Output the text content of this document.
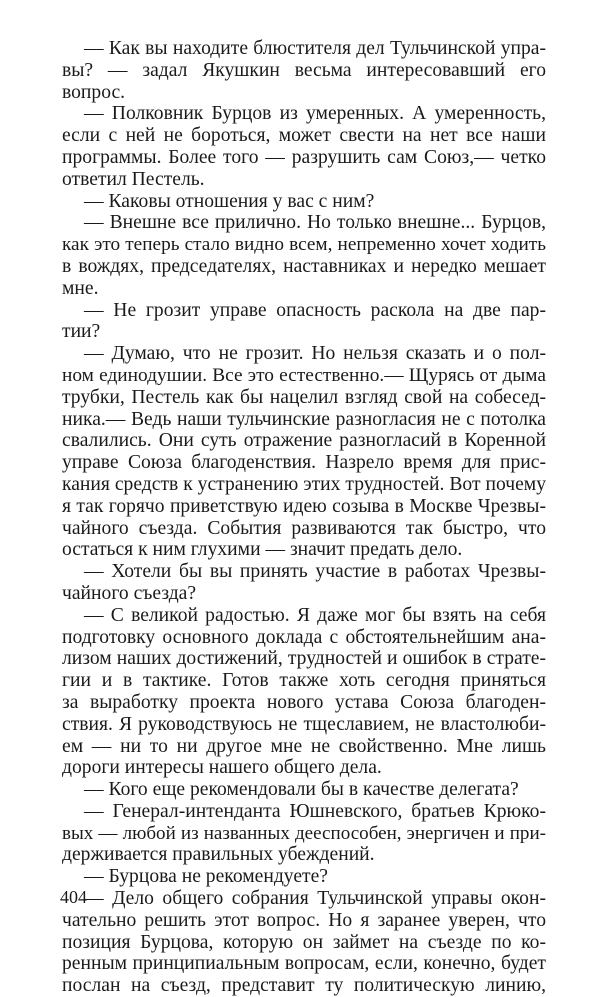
— Как вы находите блюстителя дел Тульчинской упра-
вы? — задал Якушкин весьма интересовавший его
вопрос.
— Полковник Бурцов из умеренных. А умеренность,
если с ней не бороться, может свести на нет все наши
программы. Более того — разрушить сам Союз,— четко
ответил Пестель.
— Каковы отношения у вас с ним?
— Внешне все прилично. Но только внешне... Бурцов,
как это теперь стало видно всем, непременно хочет ходить
в вождях, председателях, наставниках и нередко мешает
мне.
— Не грозит управе опасность раскола на две пар-
тии?
— Думаю, что не грозит. Но нельзя сказать и о пол-
ном единодушии. Все это естественно.— Щурясь от дыма
трубки, Пестель как бы нацелил взгляд свой на собесед-
ника.— Ведь наши тульчинские разногласия не с потолка
свалились. Они суть отражение разногласий в Коренной
управе Союза благоденствия. Назрело время для прис-
кания средств к устранению этих трудностей. Вот почему
я так горячо приветствую идею созыва в Москве Чрезвы-
чайного съезда. События развиваются так быстро, что
остаться к ним глухими — значит предать дело.
— Хотели бы вы принять участие в работах Чрезвы-
чайного съезда?
— С великой радостью. Я даже мог бы взять на себя
подготовку основного доклада с обстоятельнейшим ана-
лизом наших достижений, трудностей и ошибок в страте-
гии и в тактике. Готов также хоть сегодня приняться
за выработку проекта нового устава Союза благоден-
ствия. Я руководствуюсь не тщеславием, не властолюби-
ем — ни то ни другое мне не свойственно. Мне лишь
дороги интересы нашего общего дела.
— Кого еще рекомендовали бы в качестве делегата?
— Генерал-интенданта Юшневского, братьев Крюко-
вых — любой из названных дееспособен, энергичен и при-
держивается правильных убеждений.
— Бурцова не рекомендуете?
— Дело общего собрания Тульчинской управы окон-
чательно решить этот вопрос. Но я заранее уверен, что
позиция Бурцова, которую он займет на съезде по ко-
ренным принципиальным вопросам, если, конечно, будет
послан на съезд, представит ту политическую линию,
404
